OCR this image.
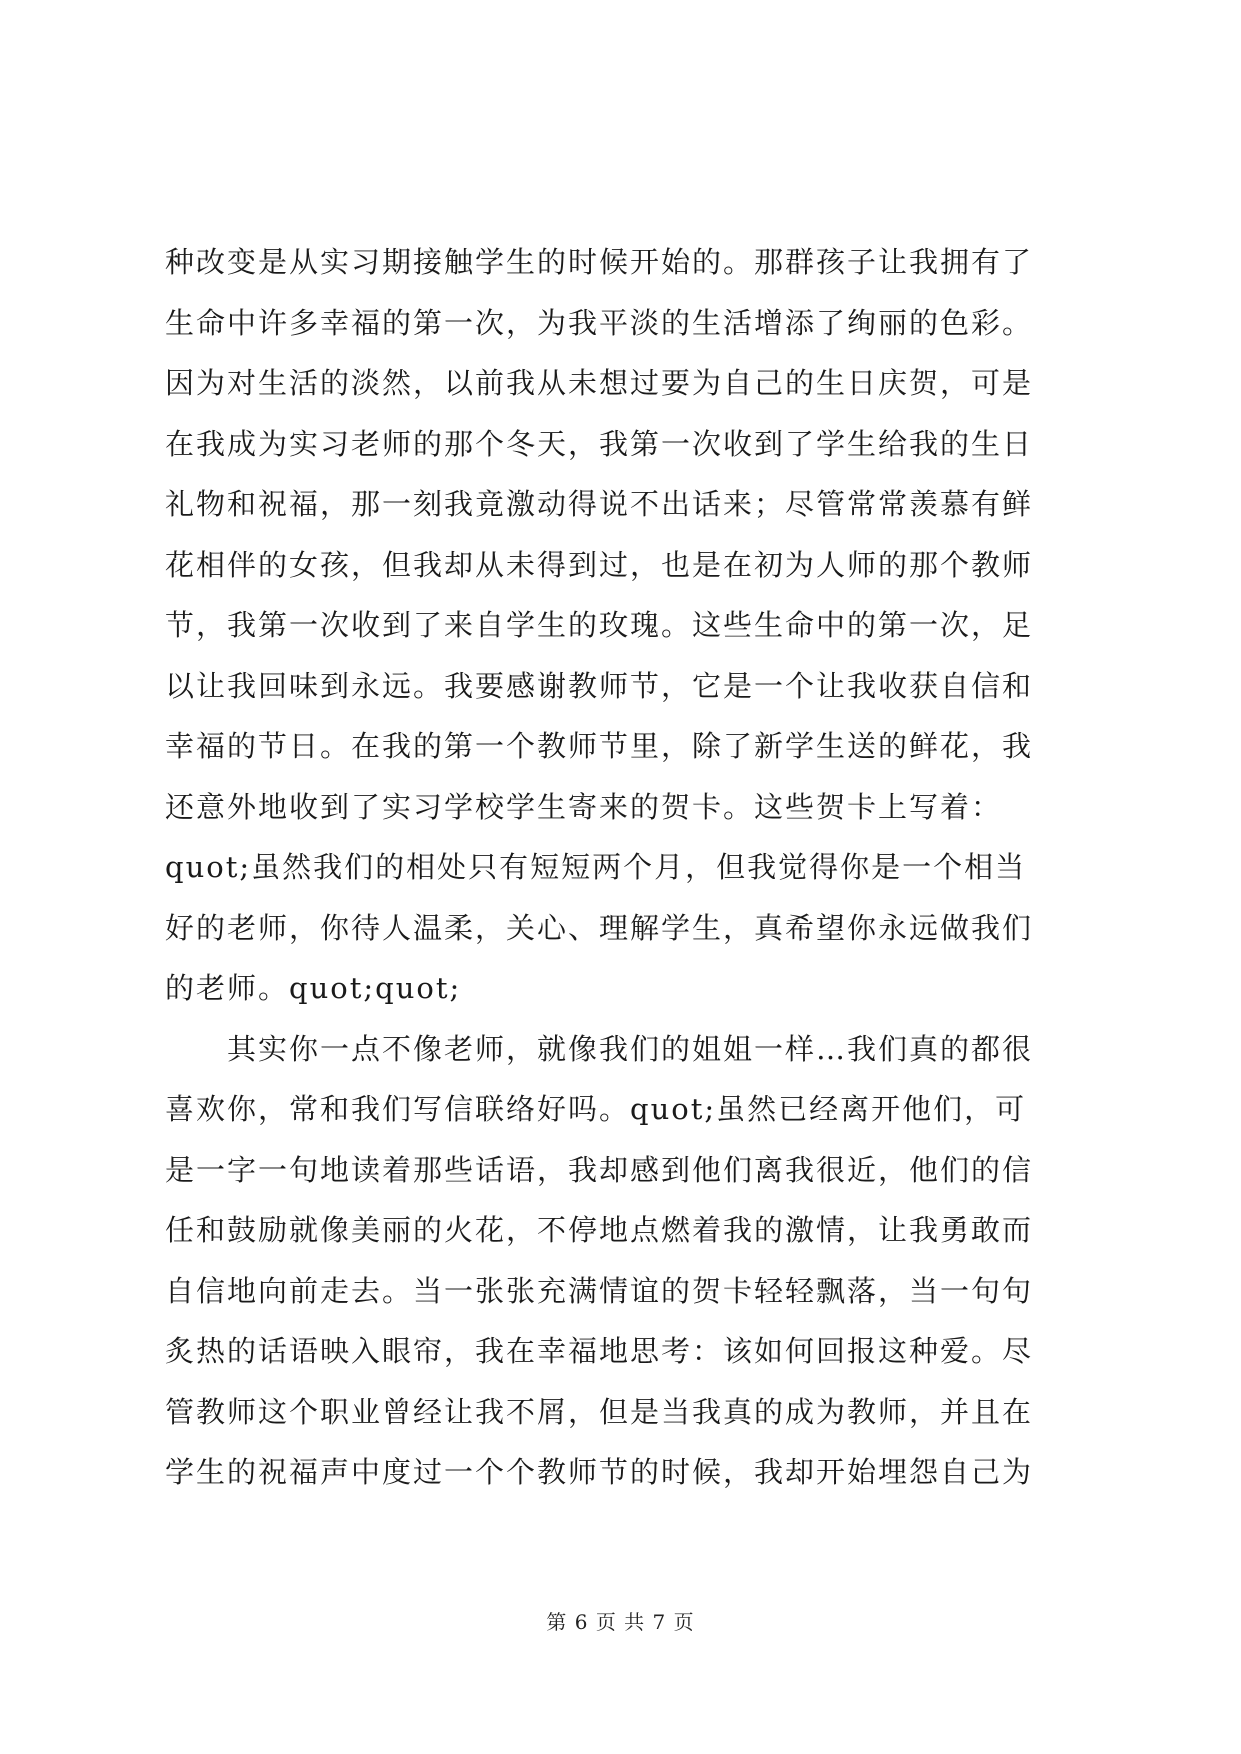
种改变是从实习期接触学生的时候开始的。那群孩子让我拥有了
生命中许多幸福的第一次，为我平淡的生活增添了绚丽的色彩。
因为对生活的淡然，以前我从未想过要为自己的生日庆贺，可是
在我成为实习老师的那个冬天，我第一次收到了学生给我的生日
礼物和祝福，那一刻我竟激动得说不出话来；尽管常常羡慕有鲜
花相伴的女孩，但我却从未得到过，也是在初为人师的那个教师
节，我第一次收到了来自学生的玫瑰。这些生命中的第一次，足
以让我回味到永远。我要感谢教师节，它是一个让我收获自信和
幸福的节日。在我的第一个教师节里，除了新学生送的鲜花，我
还意外地收到了实习学校学生寄来的贺卡。这些贺卡上写着：
quot;虽然我们的相处只有短短两个月，但我觉得你是一个相当
好的老师，你待人温柔，关心、理解学生，真希望你永远做我们
的老师。quot;quot;
　　其实你一点不像老师，就像我们的姐姐一样…我们真的都很
喜欢你，常和我们写信联络好吗。quot;虽然已经离开他们，可
是一字一句地读着那些话语，我却感到他们离我很近，他们的信
任和鼓励就像美丽的火花，不停地点燃着我的激情，让我勇敢而
自信地向前走去。当一张张充满情谊的贺卡轻轻飘落，当一句句
炙热的话语映入眼帘，我在幸福地思考：该如何回报这种爱。尽
管教师这个职业曾经让我不屑，但是当我真的成为教师，并且在
学生的祝福声中度过一个个教师节的时候，我却开始埋怨自己为
第 6 页 共 7 页
